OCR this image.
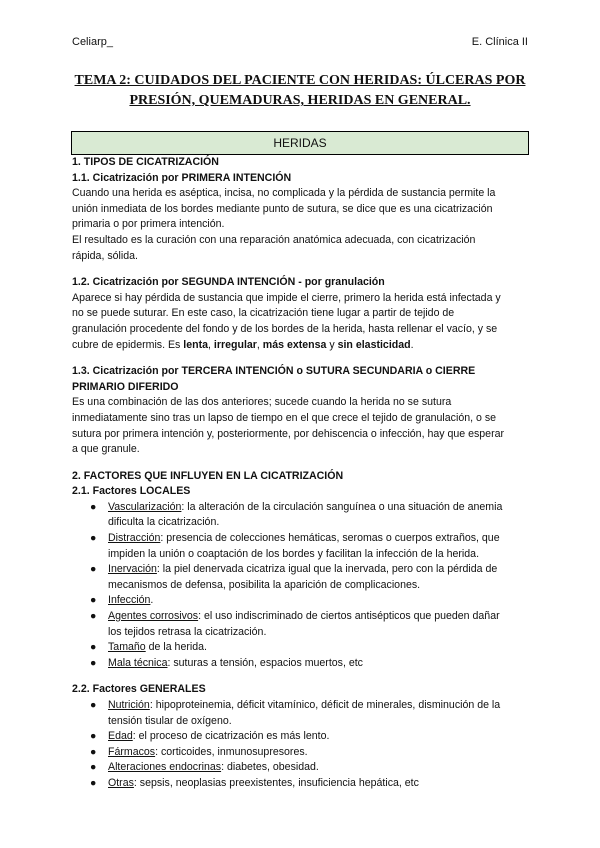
Celiarp_	E. Clínica II
TEMA 2: CUIDADOS DEL PACIENTE CON HERIDAS: ÚLCERAS POR
PRESIÓN, QUEMADURAS, HERIDAS EN GENERAL.
HERIDAS
1. TIPOS DE CICATRIZACIÓN
1.1. Cicatrización por PRIMERA INTENCIÓN
Cuando una herida es aséptica, incisa, no complicada y la pérdida de sustancia permite la
unión inmediata de los bordes mediante punto de sutura, se dice que es una cicatrización
primaria o por primera intención.
El resultado es la curación con una reparación anatómica adecuada, con cicatrización
rápida, sólida.
1.2. Cicatrización por SEGUNDA INTENCIÓN - por granulación
Aparece si hay pérdida de sustancia que impide el cierre, primero la herida está infectada y
no se puede suturar. En este caso, la cicatrización tiene lugar a partir de tejido de
granulación procedente del fondo y de los bordes de la herida, hasta rellenar el vacío, y se
cubre de epidermis. Es lenta, irregular, más extensa y sin elasticidad.
1.3. Cicatrización por TERCERA INTENCIÓN o SUTURA SECUNDARIA o CIERRE
PRIMARIO DIFERIDO
Es una combinación de las dos anteriores; sucede cuando la herida no se sutura
inmediatamente sino tras un lapso de tiempo en el que crece el tejido de granulación, o se
sutura por primera intención y, posteriormente, por dehiscencia o infección, hay que esperar
a que granule.
2. FACTORES QUE INFLUYEN EN LA CICATRIZACIÓN
2.1. Factores LOCALES
● Vascularización: la alteración de la circulación sanguínea o una situación de anemia
dificulta la cicatrización.
● Distracción: presencia de colecciones hemáticas, seromas o cuerpos extraños, que
impiden la unión o coaptación de los bordes y facilitan la infección de la herida.
● Inervación: la piel denervada cicatriza igual que la inervada, pero con la pérdida de
mecanismos de defensa, posibilita la aparición de complicaciones.
● Infección.
● Agentes corrosivos: el uso indiscriminado de ciertos antisépticos que pueden dañar
los tejidos retrasa la cicatrización.
● Tamaño de la herida.
● Mala técnica: suturas a tensión, espacios muertos, etc
2.2. Factores GENERALES
● Nutrición: hipoproteinemia, déficit vitamínico, déficit de minerales, disminución de la
tensión tisular de oxígeno.
● Edad: el proceso de cicatrización es más lento.
● Fármacos: corticoides, inmunosupresores.
● Alteraciones endocrinas: diabetes, obesidad.
● Otras: sepsis, neoplasias preexistentes, insuficiencia hepática, etc
